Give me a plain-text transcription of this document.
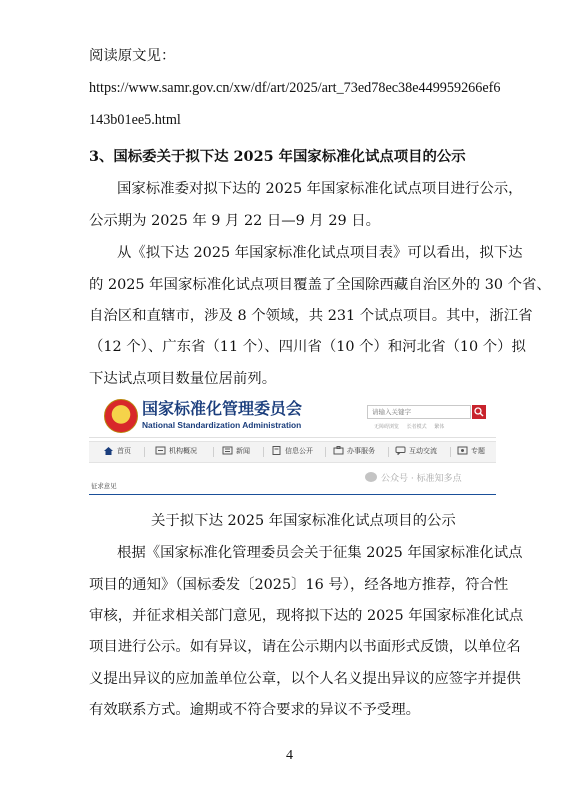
阅读原文见：
https://www.samr.gov.cn/xw/df/art/2025/art_73ed78ec38e449959266ef6
143b01ee5.html
3、国标委关于拟下达 2025 年国家标准化试点项目的公示
国家标准委对拟下达的 2025 年国家标准化试点项目进行公示，
公示期为 2025 年 9 月 22 日—9 月 29 日。
从《拟下达 2025 年国家标准化试点项目表》可以看出，拟下达
的 2025 年国家标准化试点项目覆盖了全国除西藏自治区外的 30 个省、
自治区和直辖市，涉及 8 个领域，共 231 个试点项目。其中，浙江省
（12 个）、广东省（11 个）、四川省（10 个）和河北省（10 个）拟
下达试点项目数量位居前列。
国家标准化管理委员会
National Standardization Administration
请输入关键字	无障碍浏览 长者模式 繁体
首页	机构概况	新闻	信息公开	办事服务	互动交流	专题
公众号 · 标准知多点
征求意见
关于拟下达 2025 年国家标准化试点项目的公示
根据《国家标准化管理委员会关于征集 2025 年国家标准化试点
项目的通知》（国标委发〔2025〕16 号），经各地方推荐，符合性
审核，并征求相关部门意见，现将拟下达的 2025 年国家标准化试点
项目进行公示。如有异议，请在公示期内以书面形式反馈，以单位名
义提出异议的应加盖单位公章，以个人名义提出异议的应签字并提供
有效联系方式。逾期或不符合要求的异议不予受理。
4
